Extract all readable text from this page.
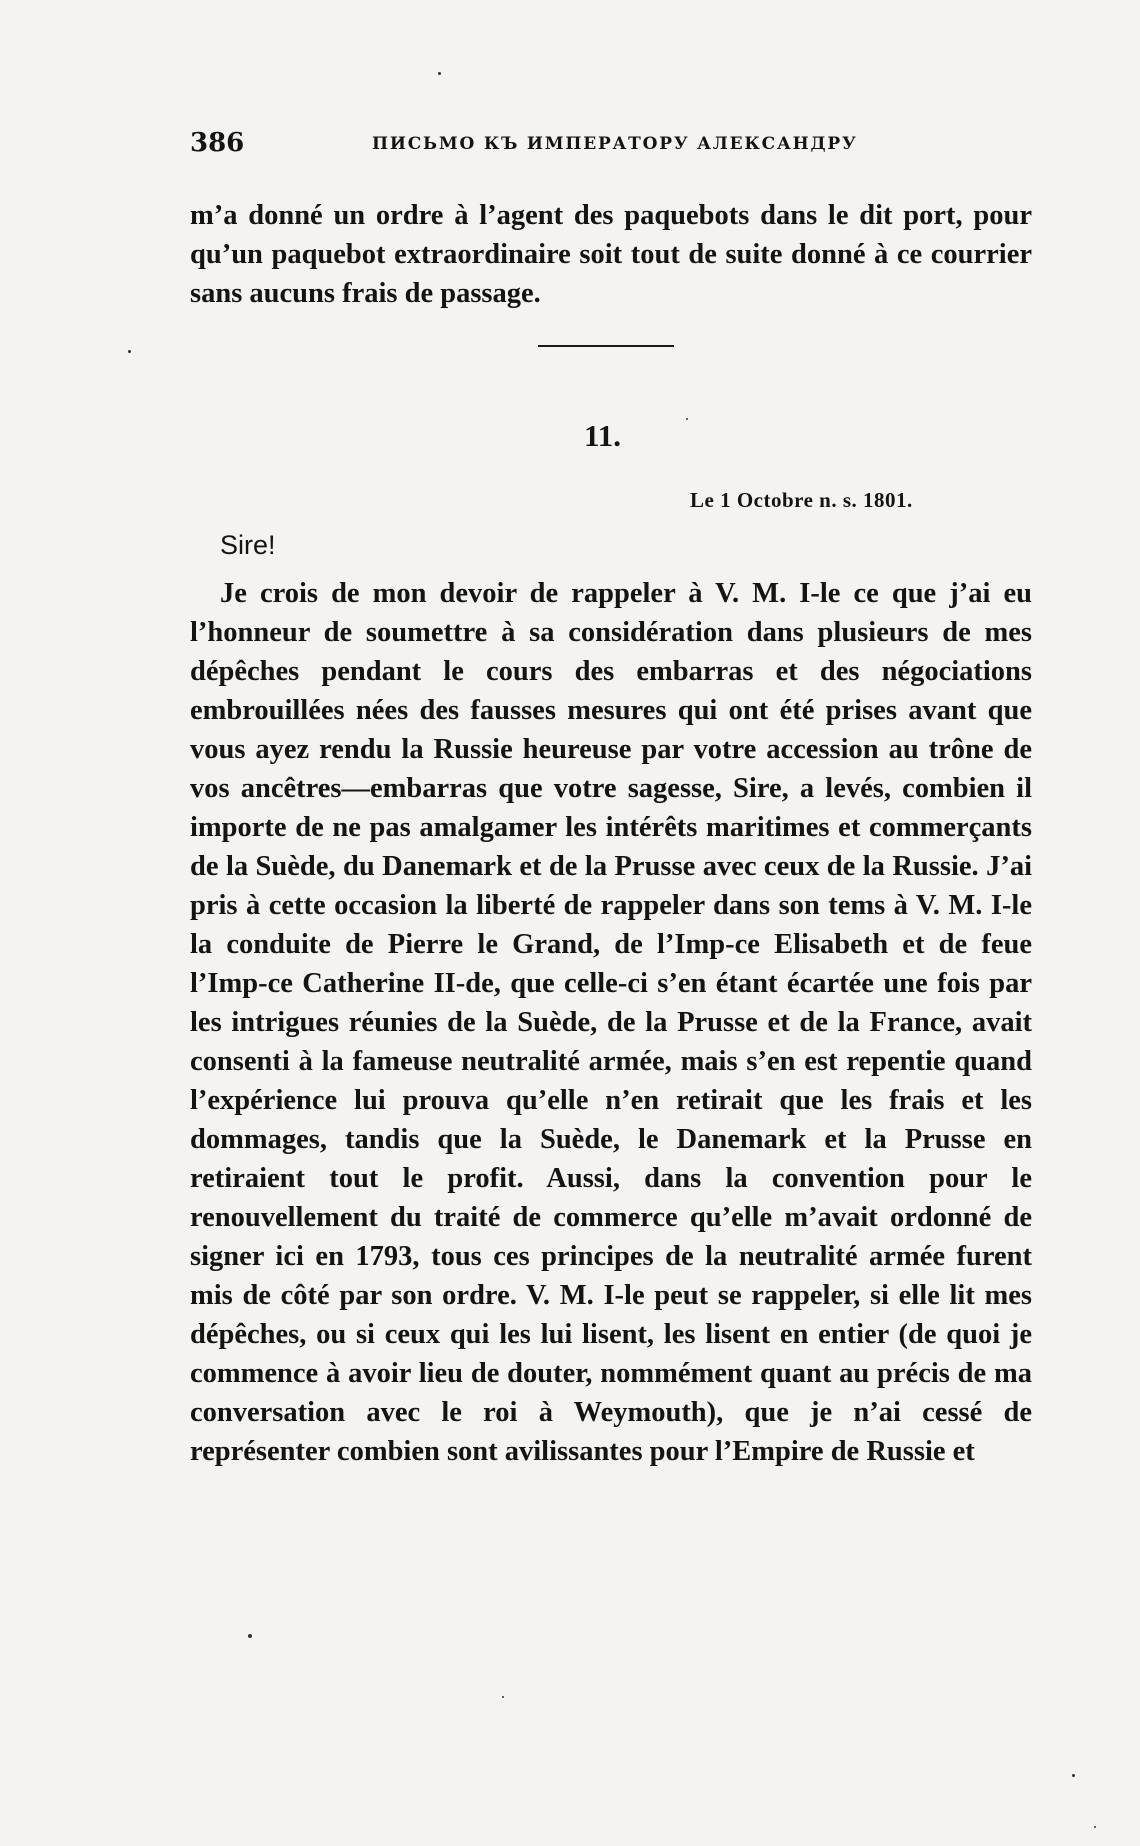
386	ПИСЬМО КЪ ИМПЕРАТОРУ АЛЕКСАНДРУ
m’a donné un ordre à l’agent des paquebots dans le dit port, pour qu’un paquebot extraordinaire soit tout de suite donné à ce courrier sans aucuns frais de passage.
11.
Le 1 Octobre n. s. 1801.
Sire!
Je crois de mon devoir de rappeler à V. M. I-le ce que j’ai eu l’honneur de soumettre à sa considération dans plusieurs de mes dépêches pendant le cours des embarras et des négociations embrouillées nées des fausses mesures qui ont été prises avant que vous ayez rendu la Russie heureuse par votre accession au trône de vos ancêtres—embarras que votre sagesse, Sire, a levés, combien il importe de ne pas amalgamer les intérêts maritimes et commerçants de la Suède, du Danemark et de la Prusse avec ceux de la Russie. J’ai pris à cette occasion la liberté de rappeler dans son tems à V. M. I-le la conduite de Pierre le Grand, de l’Imp-ce Elisabeth et de feue l’Imp-ce Catherine II-de, que celle-ci s’en étant écartée une fois par les intrigues réunies de la Suède, de la Prusse et de la France, avait consenti à la fameuse neutralité armée, mais s’en est repentie quand l’expérience lui prouva qu’elle n’en retirait que les frais et les dommages, tandis que la Suède, le Danemark et la Prusse en retiraient tout le profit. Aussi, dans la convention pour le renouvellement du traité de commerce qu’elle m’avait ordonné de signer ici en 1793, tous ces principes de la neutralité armée furent mis de côté par son ordre. V. M. I-le peut se rappeler, si elle lit mes dépêches, ou si ceux qui les lui lisent, les lisent en entier (de quoi je commence à avoir lieu de douter, nommément quant au précis de ma conversation avec le roi à Weymouth), que je n’ai cessé de représenter combien sont avilissantes pour l’Empire de Russie et
